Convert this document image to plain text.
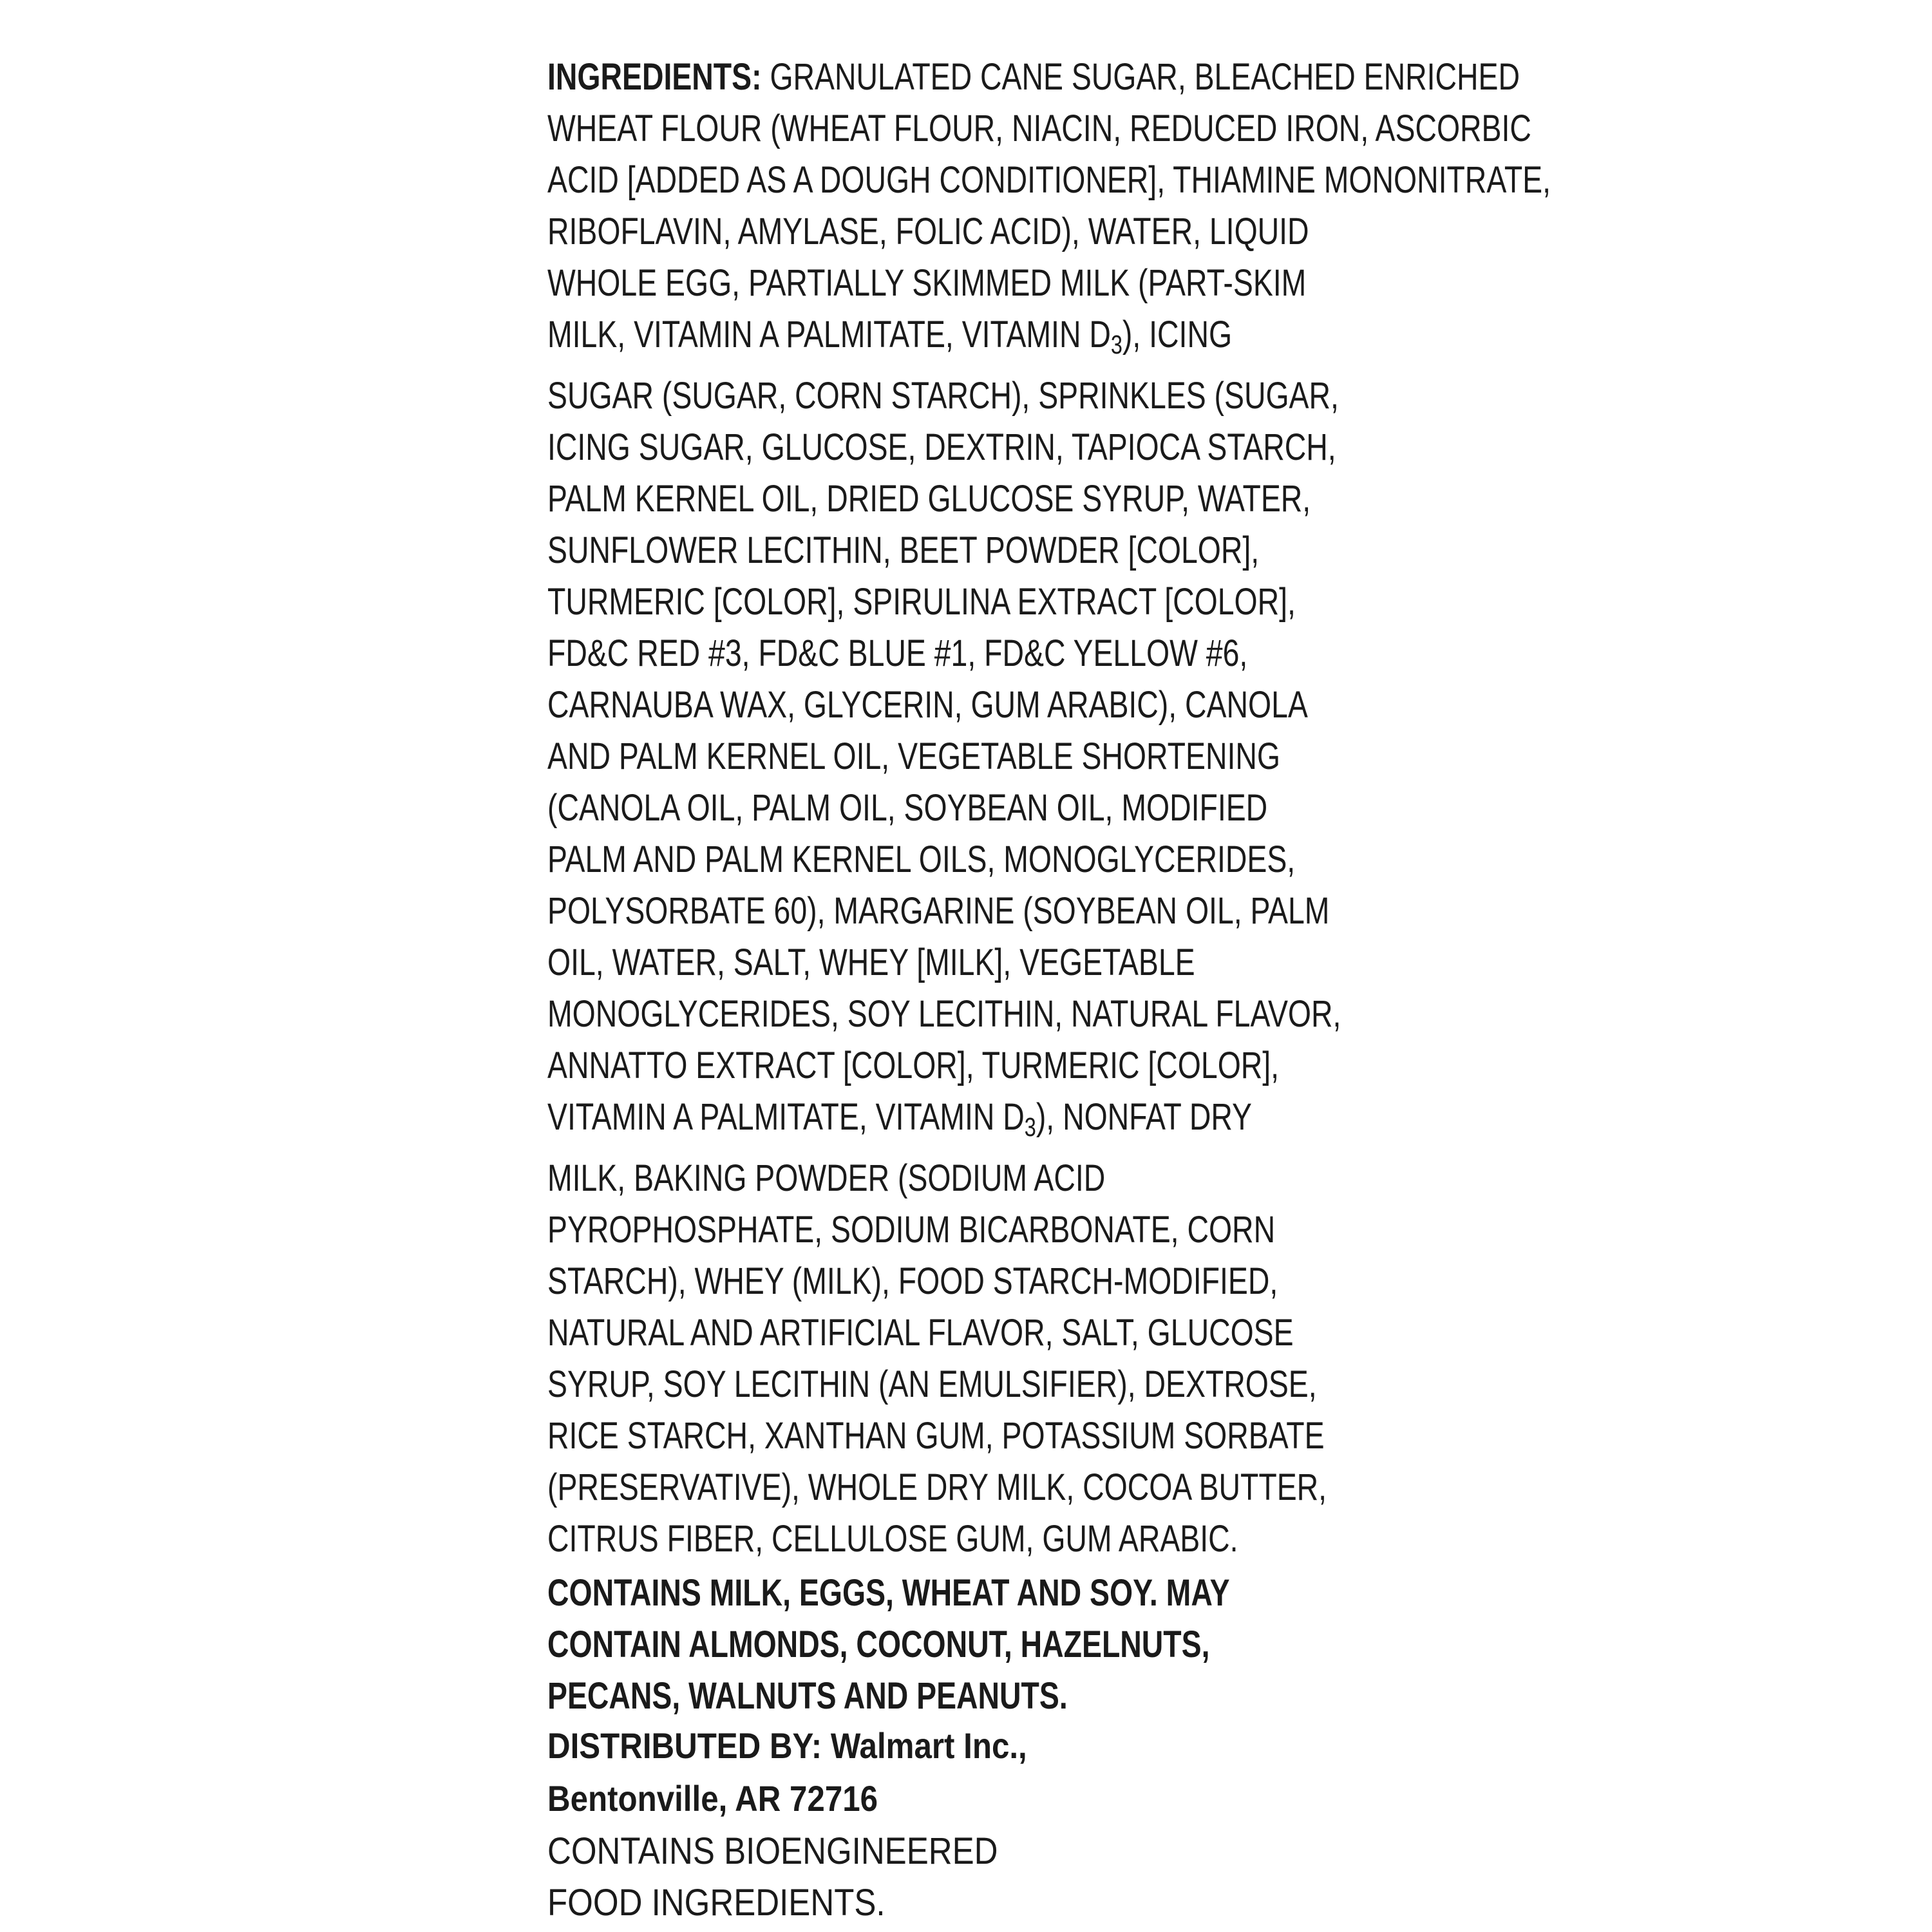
INGREDIENTS: GRANULATED CANE SUGAR, BLEACHED ENRICHED
WHEAT FLOUR (WHEAT FLOUR, NIACIN, REDUCED IRON, ASCORBIC
ACID [ADDED AS A DOUGH CONDITIONER], THIAMINE MONONITRATE,
RIBOFLAVIN, AMYLASE, FOLIC ACID), WATER, LIQUID
WHOLE EGG, PARTIALLY SKIMMED MILK (PART-SKIM
MILK, VITAMIN A PALMITATE, VITAMIN $D_3$), ICING
SUGAR (SUGAR, CORN STARCH), SPRINKLES (SUGAR,
ICING SUGAR, GLUCOSE, DEXTRIN, TAPIOCA STARCH,
PALM KERNEL OIL, DRIED GLUCOSE SYRUP, WATER,
SUNFLOWER LECITHIN, BEET POWDER [COLOR],
TURMERIC [COLOR], SPIRULINA EXTRACT [COLOR],
FD&C RED #3, FD&C BLUE #1, FD&C YELLOW #6,
CARNAUBA WAX, GLYCERIN, GUM ARABIC), CANOLA
AND PALM KERNEL OIL, VEGETABLE SHORTENING
(CANOLA OIL, PALM OIL, SOYBEAN OIL, MODIFIED
PALM AND PALM KERNEL OILS, MONOGLYCERIDES,
POLYSORBATE 60), MARGARINE (SOYBEAN OIL, PALM
OIL, WATER, SALT, WHEY [MILK], VEGETABLE
MONOGLYCERIDES, SOY LECITHIN, NATURAL FLAVOR,
ANNATTO EXTRACT [COLOR], TURMERIC [COLOR],
VITAMIN A PALMITATE, VITAMIN $D_3$), NONFAT DRY
MILK, BAKING POWDER (SODIUM ACID
PYROPHOSPHATE, SODIUM BICARBONATE, CORN
STARCH), WHEY (MILK), FOOD STARCH-MODIFIED,
NATURAL AND ARTIFICIAL FLAVOR, SALT, GLUCOSE
SYRUP, SOY LECITHIN (AN EMULSIFIER), DEXTROSE,
RICE STARCH, XANTHAN GUM, POTASSIUM SORBATE
(PRESERVATIVE), WHOLE DRY MILK, COCOA BUTTER,
CITRUS FIBER, CELLULOSE GUM, GUM ARABIC.
CONTAINS MILK, EGGS, WHEAT AND SOY. MAY
CONTAIN ALMONDS, COCONUT, HAZELNUTS,
PECANS, WALNUTS AND PEANUTS.
DISTRIBUTED BY: Walmart Inc.,
Bentonville, AR 72716
CONTAINS BIOENGINEERED
FOOD INGREDIENTS.
